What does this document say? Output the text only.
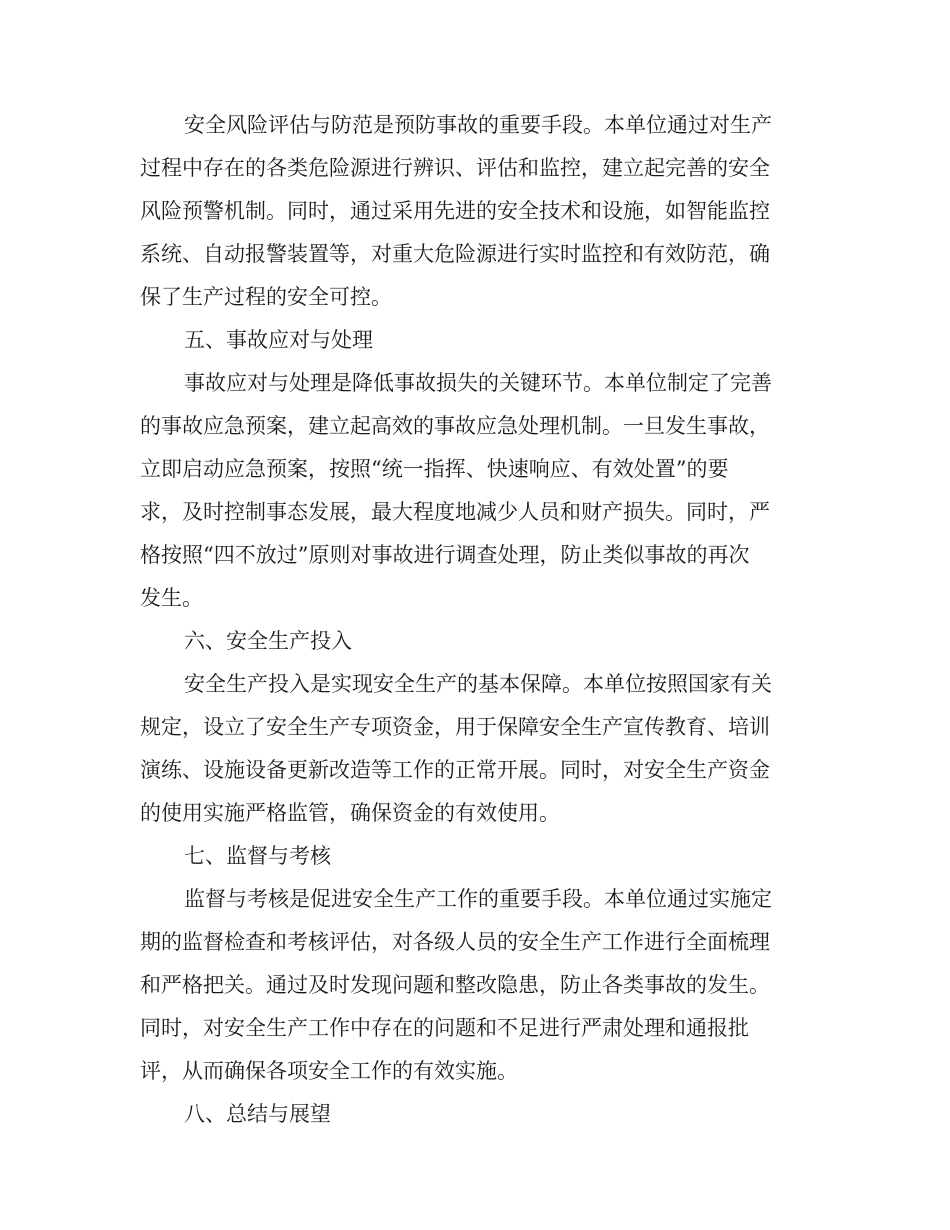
安全风险评估与防范是预防事故的重要手段。本单位通过对生产
过程中存在的各类危险源进行辨识、评估和监控，建立起完善的安全
风险预警机制。同时，通过采用先进的安全技术和设施，如智能监控
系统、自动报警装置等，对重大危险源进行实时监控和有效防范，确
保了生产过程的安全可控。
五、事故应对与处理
事故应对与处理是降低事故损失的关键环节。本单位制定了完善
的事故应急预案，建立起高效的事故应急处理机制。一旦发生事故，
立即启动应急预案，按照“统一指挥、快速响应、有效处置”的要
求，及时控制事态发展，最大程度地减少人员和财产损失。同时，严
格按照“四不放过”原则对事故进行调查处理，防止类似事故的再次
发生。
六、安全生产投入
安全生产投入是实现安全生产的基本保障。本单位按照国家有关
规定，设立了安全生产专项资金，用于保障安全生产宣传教育、培训
演练、设施设备更新改造等工作的正常开展。同时，对安全生产资金
的使用实施严格监管，确保资金的有效使用。
七、监督与考核
监督与考核是促进安全生产工作的重要手段。本单位通过实施定
期的监督检查和考核评估，对各级人员的安全生产工作进行全面梳理
和严格把关。通过及时发现问题和整改隐患，防止各类事故的发生。
同时，对安全生产工作中存在的问题和不足进行严肃处理和通报批
评，从而确保各项安全工作的有效实施。
八、总结与展望
